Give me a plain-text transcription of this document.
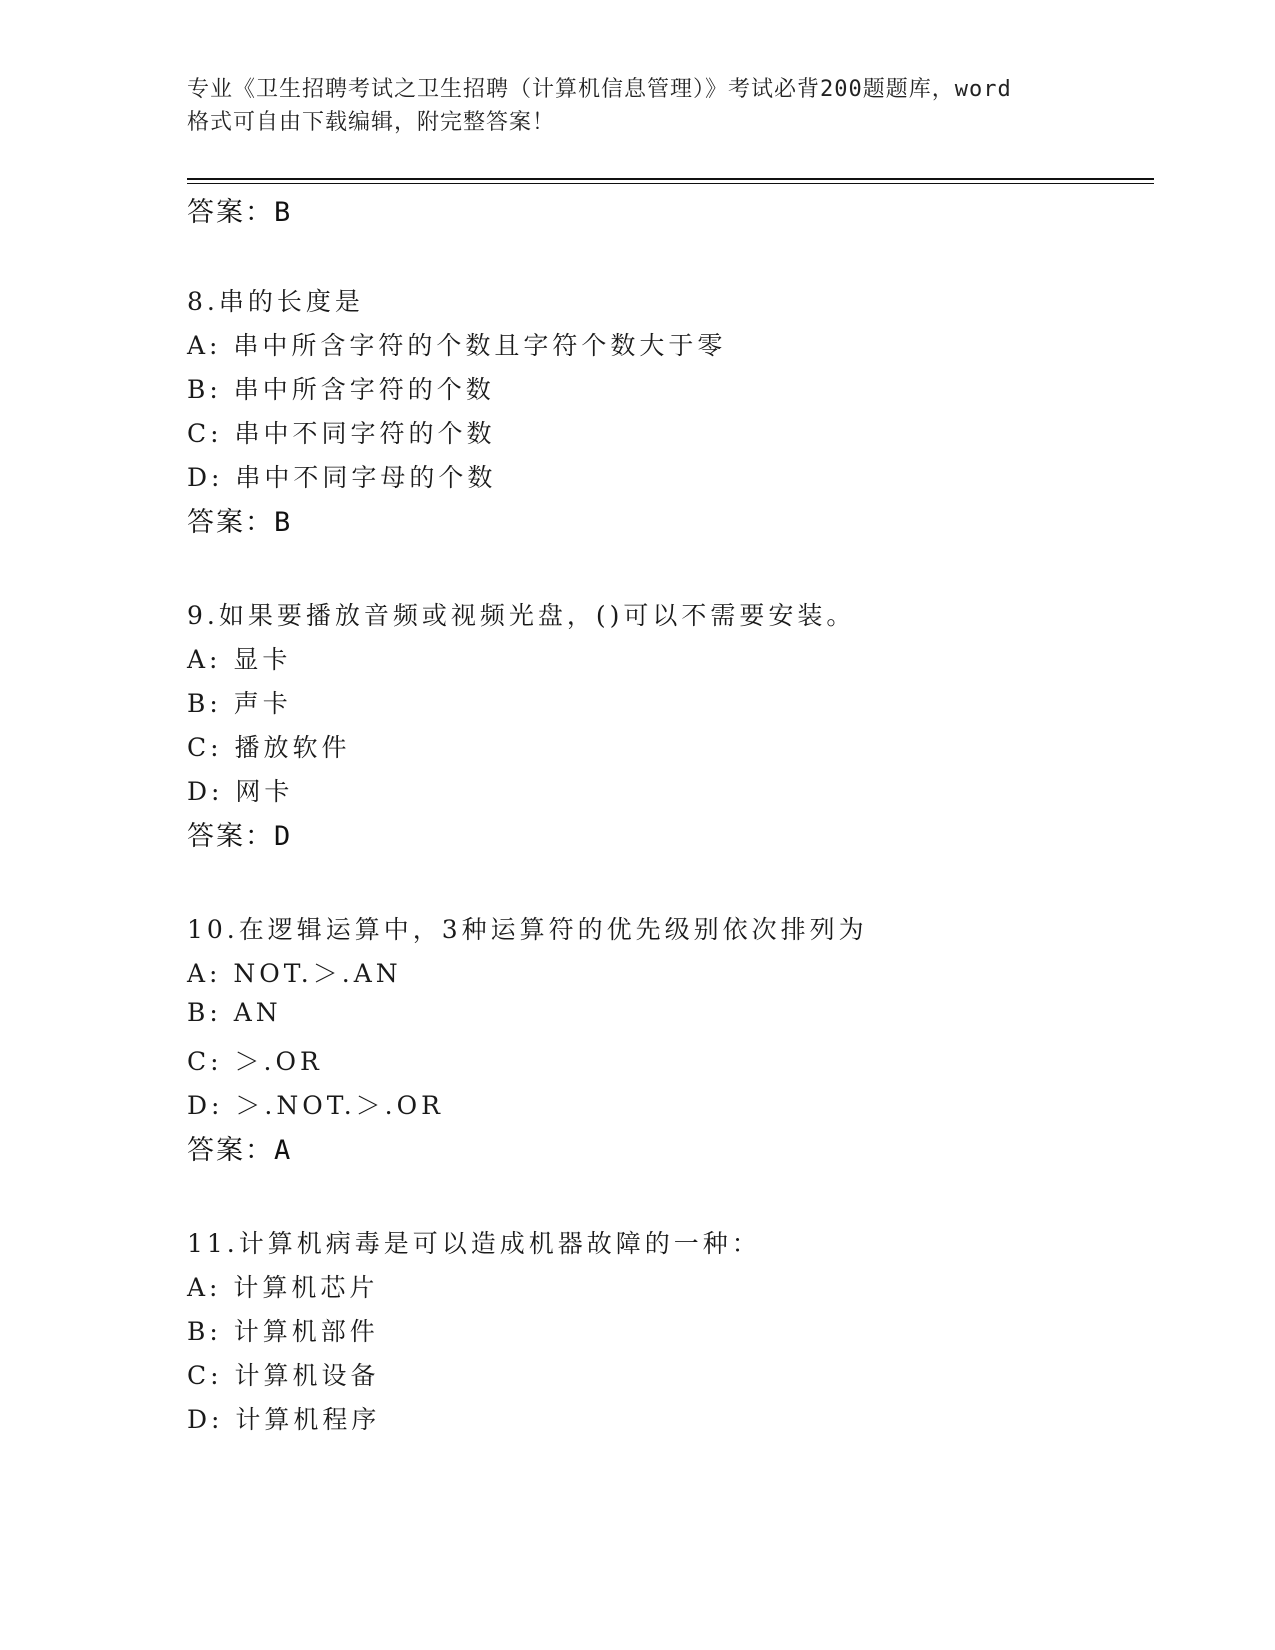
专业《卫生招聘考试之卫生招聘（计算机信息管理）》考试必背200题题库，word
格式可自由下载编辑，附完整答案！
答案：B
8.串的长度是
A: 串中所含字符的个数且字符个数大于零
B: 串中所含字符的个数
C: 串中不同字符的个数
D: 串中不同字母的个数
答案：B
9.如果要播放音频或视频光盘，()可以不需要安装。
A: 显卡
B: 声卡
C: 播放软件
D: 网卡
答案：D
10.在逻辑运算中，3种运算符的优先级别依次排列为
A: NOT.＞.AN
B: AN
C: ＞.OR
D: ＞.NOT.＞.OR
答案：A
11.计算机病毒是可以造成机器故障的一种：
A: 计算机芯片
B: 计算机部件
C: 计算机设备
D: 计算机程序
